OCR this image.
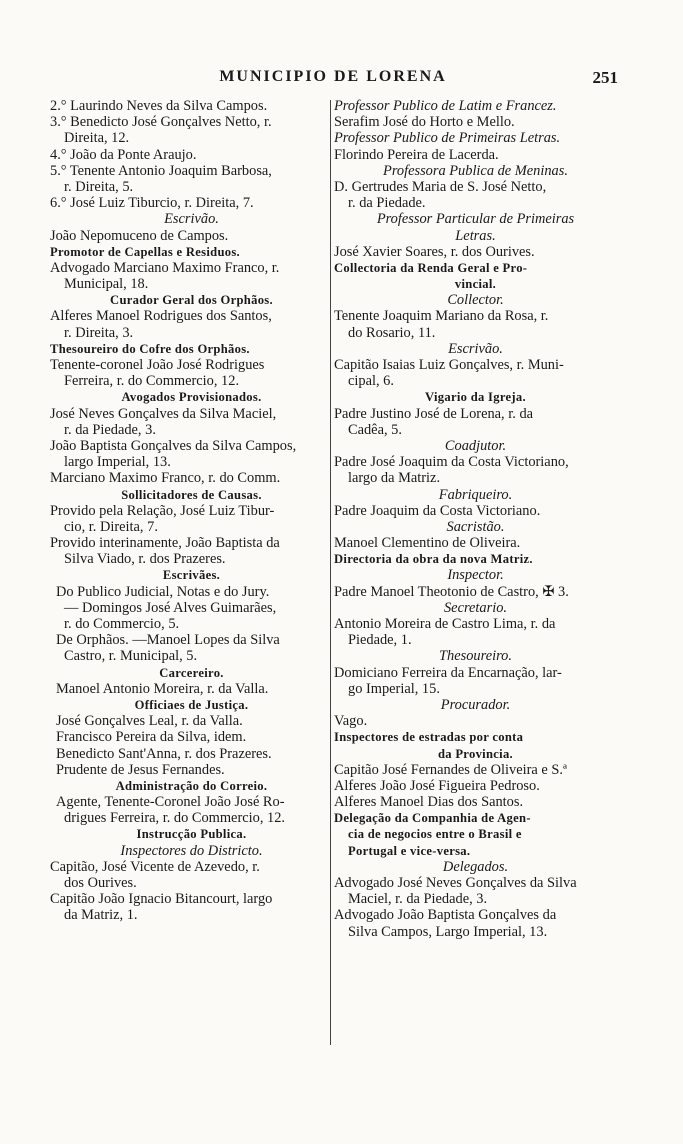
MUNICIPIO DE LORENA	251
2.° Laurindo Neves da Silva Campos.
3.° Benedicto José Gonçalves Netto, r.
Direita, 12.
4.° João da Ponte Araujo.
5.° Tenente Antonio Joaquim Barbosa,
r. Direita, 5.
6.° José Luiz Tiburcio, r. Direita, 7.
Escrivão.
João Nepomuceno de Campos.
Promotor de Capellas e Residuos.
Advogado Marciano Maximo Franco, r.
Municipal, 18.
Curador Geral dos Orphãos.
Alferes Manoel Rodrigues dos Santos,
r. Direita, 3.
Thesoureiro do Cofre dos Orphãos.
Tenente-coronel João José Rodrigues
Ferreira, r. do Commercio, 12.
Avogados Provisionados.
José Neves Gonçalves da Silva Maciel,
r. da Piedade, 3.
João Baptista Gonçalves da Silva Campos,
largo Imperial, 13.
Marciano Maximo Franco, r. do Comm.
Sollicitadores de Causas.
Provido pela Relação, José Luiz Tibur-
cio, r. Direita, 7.
Provido interinamente, João Baptista da
Silva Viado, r. dos Prazeres.
Escrivães.
Do Publico Judicial, Notas e do Jury.
— Domingos José Alves Guimarães,
r. do Commercio, 5.
De Orphãos. —Manoel Lopes da Silva
Castro, r. Municipal, 5.
Carcereiro.
Manoel Antonio Moreira, r. da Valla.
Officiaes de Justiça.
José Gonçalves Leal, r. da Valla.
Francisco Pereira da Silva, idem.
Benedicto Sant'Anna, r. dos Prazeres.
Prudente de Jesus Fernandes.
Administração do Correio.
Agente, Tenente-Coronel João José Ro-
drigues Ferreira, r. do Commercio, 12.
Instrucção Publica.
Inspectores do Districto.
Capitão, José Vicente de Azevedo, r.
dos Ourives.
Capitão João Ignacio Bitancourt, largo
da Matriz, 1.
Professor Publico de Latim e Francez.
Serafim José do Horto e Mello.
Professor Publico de Primeiras Letras.
Florindo Pereira de Lacerda.
Professora Publica de Meninas.
D. Gertrudes Maria de S. José Netto,
r. da Piedade.
Professor Particular de Primeiras
Letras.
José Xavier Soares, r. dos Ourives.
Collectoria da Renda Geral e Pro-
vincial.
Collector.
Tenente Joaquim Mariano da Rosa, r.
do Rosario, 11.
Escrivão.
Capitão Isaias Luiz Gonçalves, r. Muni-
cipal, 6.
Vigario da Igreja.
Padre Justino José de Lorena, r. da
Cadêa, 5.
Coadjutor.
Padre José Joaquim da Costa Victoriano,
largo da Matriz.
Fabriqueiro.
Padre Joaquim da Costa Victoriano.
Sacristão.
Manoel Clementino de Oliveira.
Directoria da obra da nova Matriz.
Inspector.
Padre Manoel Theotonio de Castro, ✠ 3.
Secretario.
Antonio Moreira de Castro Lima, r. da
Piedade, 1.
Thesoureiro.
Domiciano Ferreira da Encarnação, lar-
go Imperial, 15.
Procurador.
Vago.
Inspectores de estradas por conta
da Provincia.
Capitão José Fernandes de Oliveira e S.ª
Alferes João José Figueira Pedroso.
Alferes Manoel Dias dos Santos.
Delegação da Companhia de Agen-
cia de negocios entre o Brasil e
Portugal e vice-versa.
Delegados.
Advogado José Neves Gonçalves da Silva
Maciel, r. da Piedade, 3.
Advogado João Baptista Gonçalves da
Silva Campos, Largo Imperial, 13.
